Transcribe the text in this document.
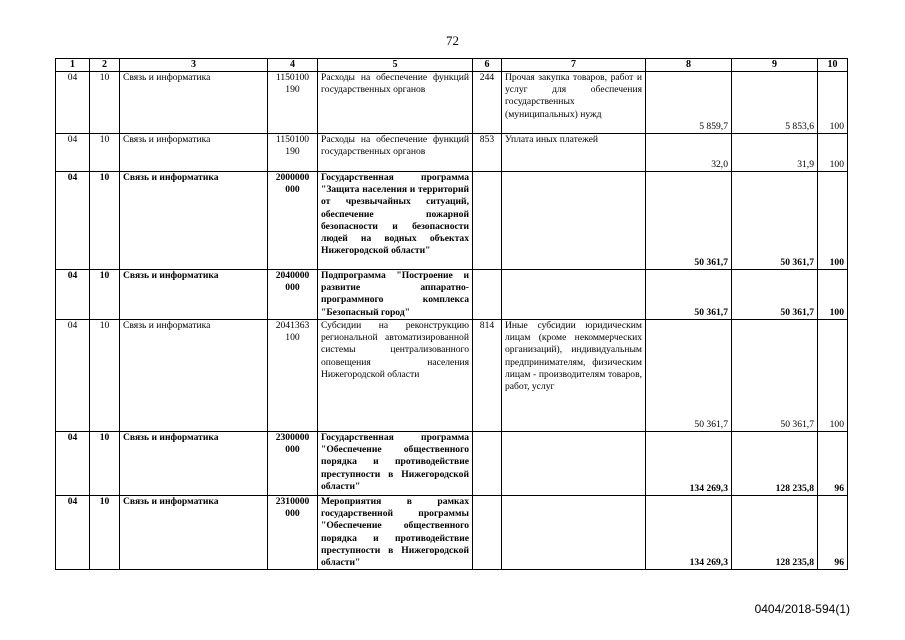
72
1	2	3	4	5	6	7	8	9	10
04	10	Связь и информатика	1150100 190	Расходы на обеспечение функций государственных органов	244	Прочая закупка товаров, работ и услуг для обеспечения государственных (муниципальных) нужд	5 859,7	5 853,6	100
04	10	Связь и информатика	1150100 190	Расходы на обеспечение функций государственных органов	853	Уплата иных платежей	32,0	31,9	100
04	10	Связь и информатика	2000000 000	Государственная программа "Защита населения и территорий от чрезвычайных ситуаций, обеспечение пожарной безопасности и безопасности людей на водных объектах Нижегородской области"			50 361,7	50 361,7	100
04	10	Связь и информатика	2040000 000	Подпрограмма "Построение и развитие аппаратно-программного комплекса "Безопасный город"			50 361,7	50 361,7	100
04	10	Связь и информатика	2041363 100	Субсидии на реконструкцию региональной автоматизированной системы централизованного оповещения населения Нижегородской области	814	Иные субсидии юридическим лицам (кроме некоммерческих организаций), индивидуальным предпринимателям, физическим лицам - производителям товаров, работ, услуг	50 361,7	50 361,7	100
04	10	Связь и информатика	2300000 000	Государственная программа "Обеспечение общественного порядка и противодействие преступности в Нижегородской области"			134 269,3	128 235,8	96
04	10	Связь и информатика	2310000 000	Мероприятия в рамках государственной программы "Обеспечение общественного порядка и противодействие преступности в Нижегородской области"			134 269,3	128 235,8	96
0404/2018-594(1)
